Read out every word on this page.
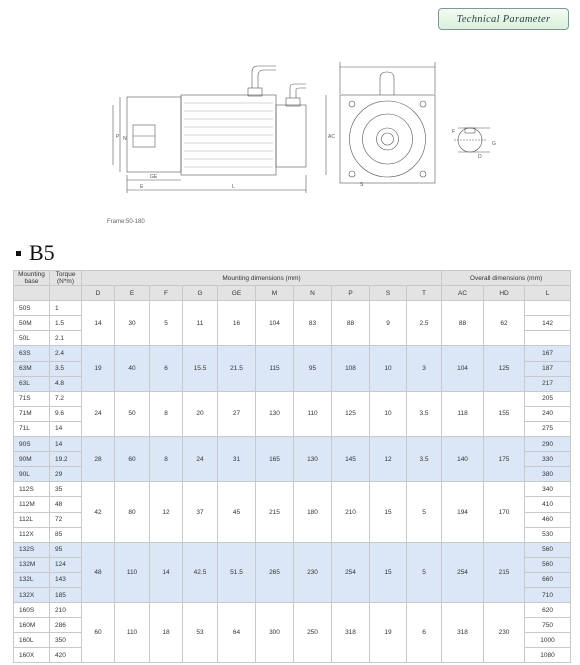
Technical Parameter
P N	AC
GE
L
E	S
F
G
D
Frame:50-180
B5
Mounting base	Torque
(N*m)	Mounting dimensions (mm)										Overall dimensions (mm)		
		D	E	F	G	GE	M	N	P	S	T	AC	HD	L
50S	1	14	30	5	11	16	104	83	88	9	2.5	88	62	
50M	1.5													142
50L	2.1													
63S	2.4	19	40	6	15.5	21.5	115	95	108	10	3	104	125	167
63M	3.5													187
63L	4.8													217
71S	7.2	24	50	8	20	27	130	110	125	10	3.5	118	155	205
71M	9.6													240
71L	14													275
90S	14	28	60	8	24	31	165	130	145	12	3.5	140	175	290
90M	19.2													330
90L	29													380
112S	35	42	80	12	37	45	215	180	210	15	5	194	170	340
112M	48													410
112L	72													460
112X	85													530
132S	95	48	110	14	42.5	51.5	265	230	254	15	5	254	215	560
132M	124													560
132L	143													660
132X	185													710
160S	210	60	110	18	53	64	300	250	318	19	6	318	230	620
160M	286													750
160L	350													1000
160X	420													1080
